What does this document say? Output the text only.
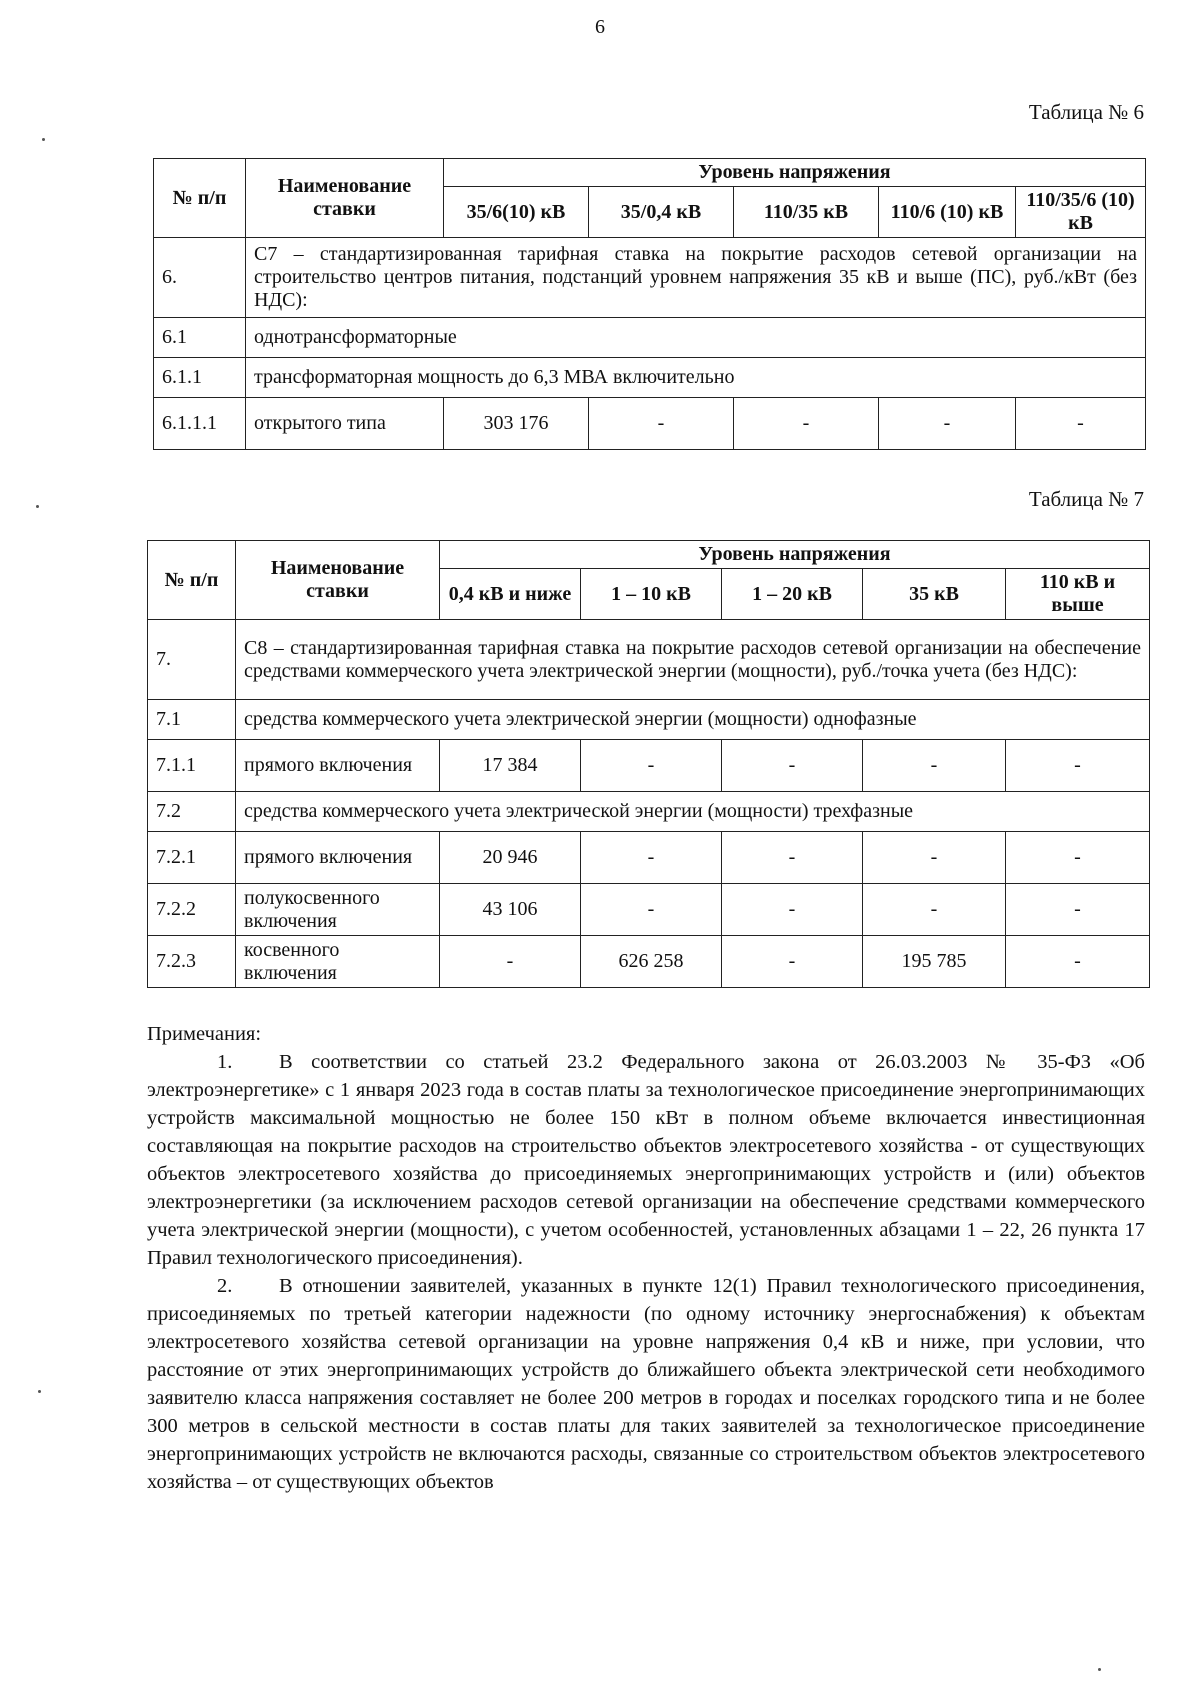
6
Таблица № 6
№ п/п	Наименование ставки	Уровень напряжения				
		35/6(10) кВ	35/0,4 кВ	110/35 кВ	110/6 (10) кВ	110/35/6 (10) кВ
6.	С7 – стандартизированная тарифная ставка на покрытие расходов сетевой организации на строительство центров питания, подстанций уровнем напряжения 35 кВ и выше (ПС), руб./кВт (без НДС):					
6.1	однотрансформаторные					
6.1.1	трансформаторная мощность до 6,3 МВА включительно					
6.1.1.1	открытого типа	303 176	-	-	-	-
Таблица № 7
№ п/п	Наименование ставки	Уровень напряжения				
		0,4 кВ и ниже	1 – 10 кВ	1 – 20 кВ	35 кВ	110 кВ и выше
7.	С8 – стандартизированная тарифная ставка на покрытие расходов сетевой организации на обеспечение средствами коммерческого учета электрической энергии (мощности), руб./точка учета (без НДС):					
7.1	средства коммерческого учета электрической энергии (мощности) однофазные					
7.1.1	прямого включения	17 384	-	-	-	-
7.2	средства коммерческого учета электрической энергии (мощности) трехфазные					
7.2.1	прямого включения	20 946	-	-	-	-
7.2.2	полукосвенного включения	43 106	-	-	-	-
7.2.3	косвенного включения	-	626 258	-	195 785	-

Примечания:

1. В соответствии со статьей 23.2 Федерального закона от 26.03.2003 № 35-ФЗ «Об электроэнергетике» с 1 января 2023 года в состав платы за технологическое присоединение энергопринимающих устройств максимальной мощностью не более 150 кВт в полном объеме включается инвестиционная составляющая на покрытие расходов на строительство объектов электросетевого хозяйства - от существующих объектов электросетевого хозяйства до присоединяемых энергопринимающих устройств и (или) объектов электроэнергетики (за исключением расходов сетевой организации на обеспечение средствами коммерческого учета электрической энергии (мощности), с учетом особенностей, установленных абзацами 1 – 22, 26 пункта 17 Правил технологического присоединения).

2. В отношении заявителей, указанных в пункте 12(1) Правил технологического присоединения, присоединяемых по третьей категории надежности (по одному источнику энергоснабжения) к объектам электросетевого хозяйства сетевой организации на уровне напряжения 0,4 кВ и ниже, при условии, что расстояние от этих энергопринимающих устройств до ближайшего объекта электрической сети необходимого заявителю класса напряжения составляет не более 200 метров в городах и поселках городского типа и не более 300 метров в сельской местности в состав платы для таких заявителей за технологическое присоединение энергопринимающих устройств не включаются расходы, связанные со строительством объектов электросетевого хозяйства – от существующих объектов
